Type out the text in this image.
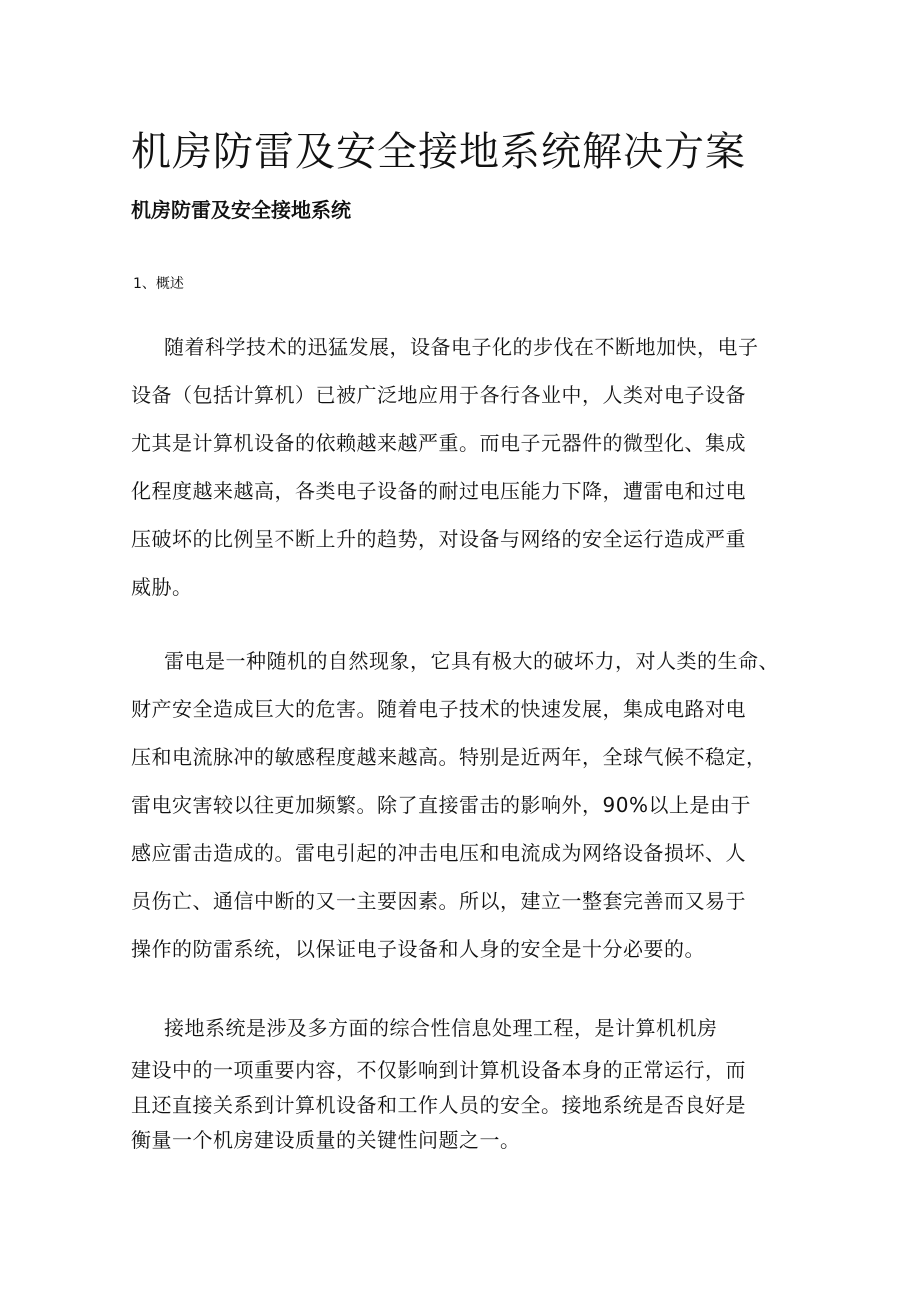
机房防雷及安全接地系统解决方案
机房防雷及安全接地系统
1、概述
随着科学技术的迅猛发展，设备电子化的步伐在不断地加快，电子
设备（包括计算机）已被广泛地应用于各行各业中，人类对电子设备
尤其是计算机设备的依赖越来越严重。而电子元器件的微型化、集成
化程度越来越高，各类电子设备的耐过电压能力下降，遭雷电和过电
压破坏的比例呈不断上升的趋势，对设备与网络的安全运行造成严重
威胁。
雷电是一种随机的自然现象，它具有极大的破坏力，对人类的生命、
财产安全造成巨大的危害。随着电子技术的快速发展，集成电路对电
压和电流脉冲的敏感程度越来越高。特别是近两年，全球气候不稳定，
雷电灾害较以往更加频繁。除了直接雷击的影响外，90%以上是由于
感应雷击造成的。雷电引起的冲击电压和电流成为网络设备损坏、人
员伤亡、通信中断的又一主要因素。所以，建立一整套完善而又易于
操作的防雷系统，以保证电子设备和人身的安全是十分必要的。
接地系统是涉及多方面的综合性信息处理工程，是计算机机房
建设中的一项重要内容，不仅影响到计算机设备本身的正常运行，而
且还直接关系到计算机设备和工作人员的安全。接地系统是否良好是
衡量一个机房建设质量的关键性问题之一。
